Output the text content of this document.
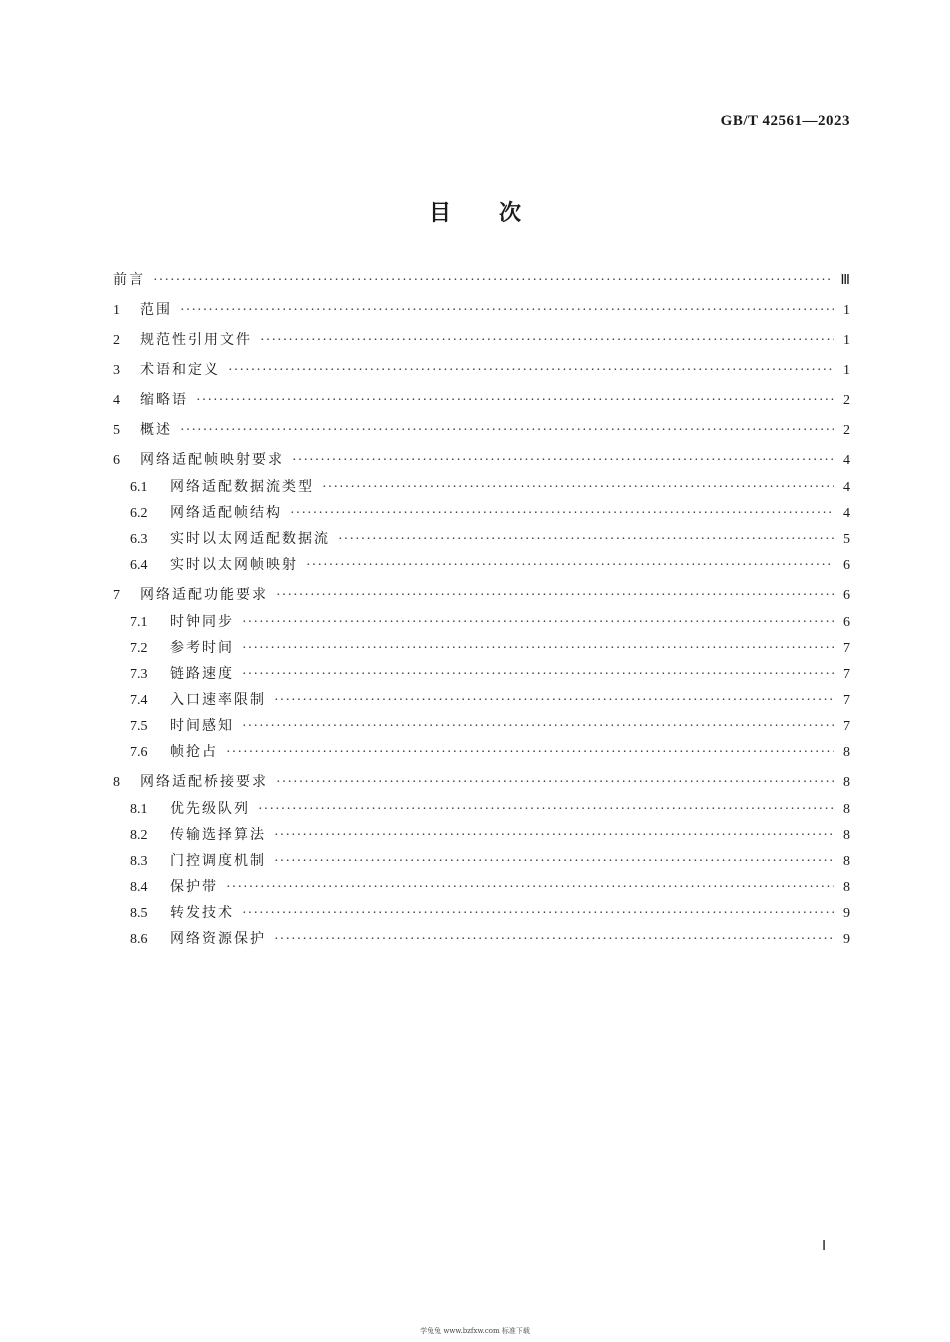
GB/T 42561—2023
目 次
前言 ·····	Ⅲ
1	范围 ·····	1
2	规范性引用文件 ·····	1
3	术语和定义 ·····	1
4	缩略语 ·····	2
5	概述 ·····	2
6	网络适配帧映射要求 ·····	4
6.1	网络适配数据流类型 ·····	4
6.2	网络适配帧结构 ·····	4
6.3	实时以太网适配数据流 ·····	5
6.4	实时以太网帧映射 ·····	6
7	网络适配功能要求 ·····	6
7.1	时钟同步 ·····	6
7.2	参考时间 ·····	7
7.3	链路速度 ·····	7
7.4	入口速率限制 ·····	7
7.5	时间感知 ·····	7
7.6	帧抢占 ·····	8
8	网络适配桥接要求 ·····	8
8.1	优先级队列 ·····	8
8.2	传输选择算法 ·····	8
8.3	门控调度机制 ·····	8
8.4	保护带 ·····	8
8.5	转发技术 ·····	9
8.6	网络资源保护 ·····	9
Ⅰ
学兔兔 www.bzfxw.com 标准下载
